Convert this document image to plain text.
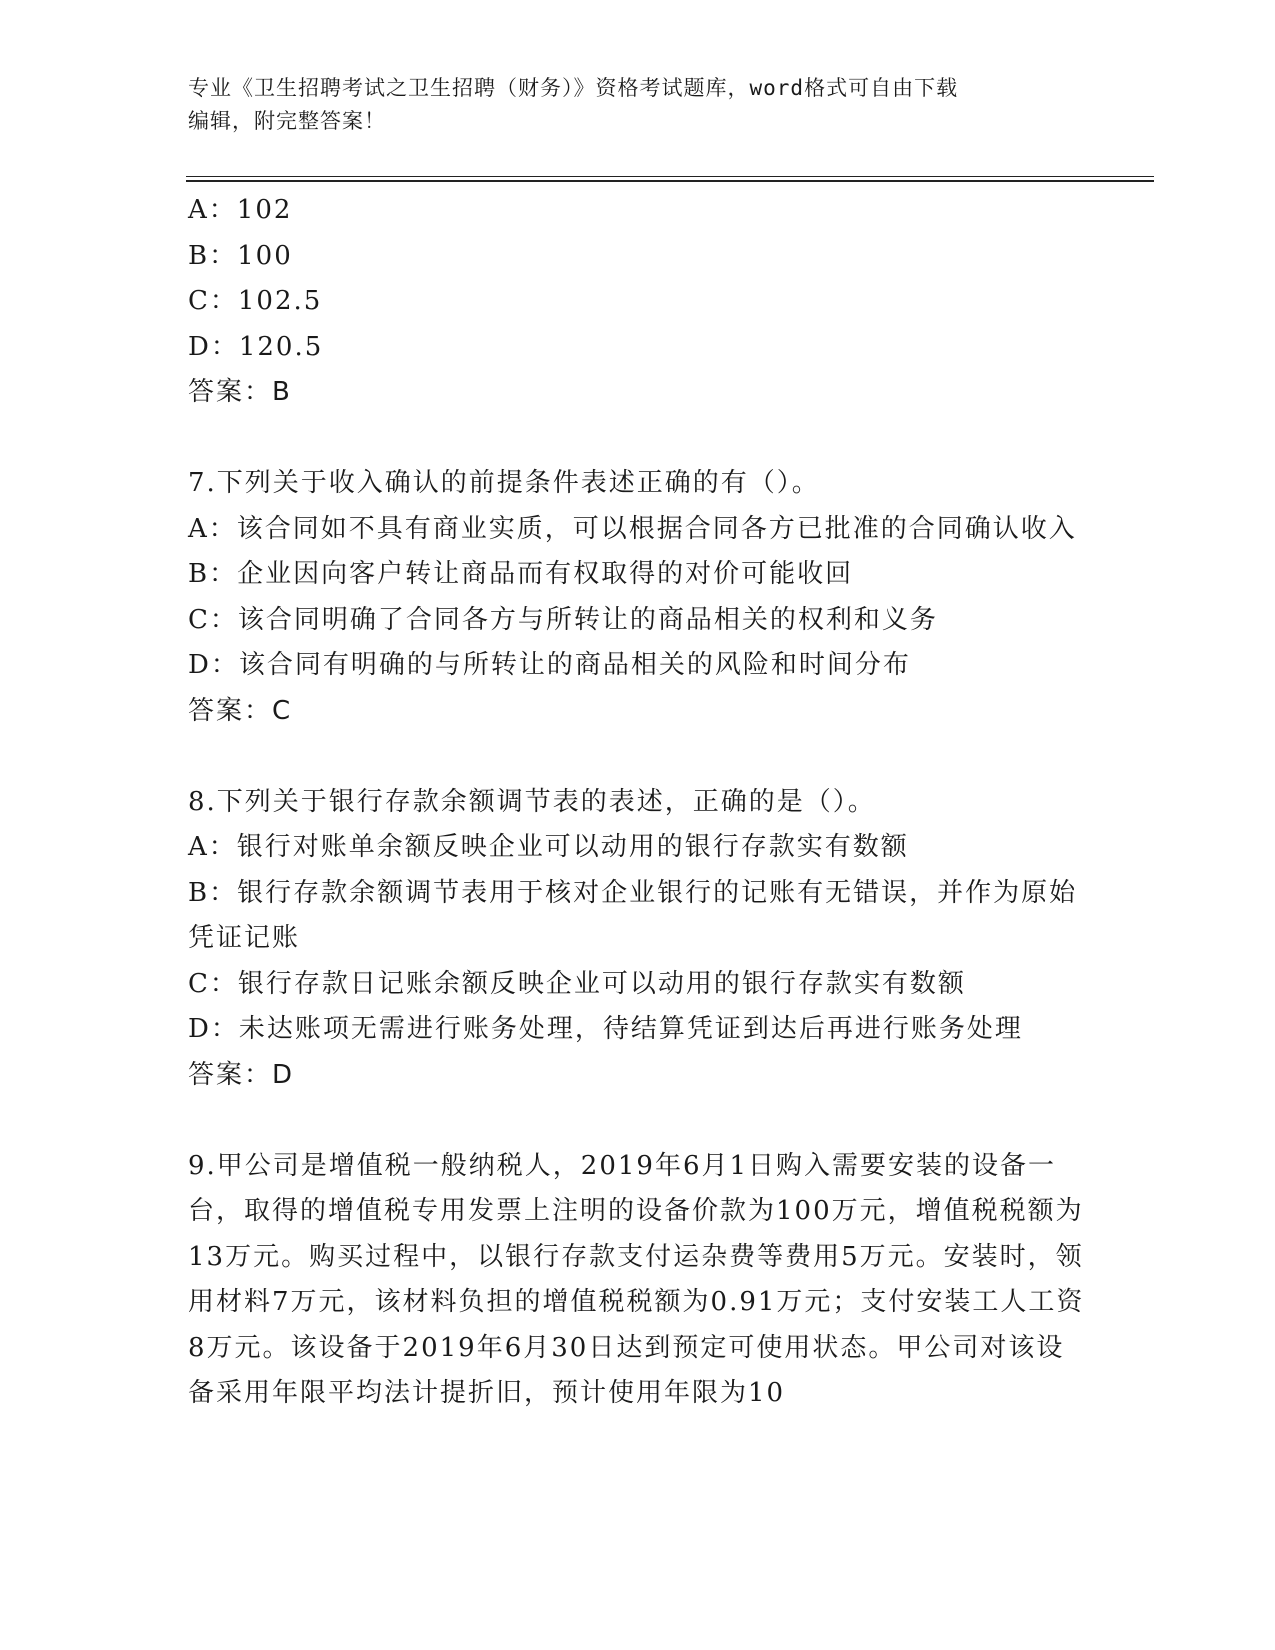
专业《卫生招聘考试之卫生招聘（财务）》资格考试题库，word格式可自由下载
编辑，附完整答案！

A：102

B：100

C：102.5

D：120.5

答案：B

7.下列关于收入确认的前提条件表述正确的有（）。

A：该合同如不具有商业实质，可以根据合同各方已批准的合同确认收入

B：企业因向客户转让商品而有权取得的对价可能收回

C：该合同明确了合同各方与所转让的商品相关的权利和义务

D：该合同有明确的与所转让的商品相关的风险和时间分布

答案：C

8.下列关于银行存款余额调节表的表述，正确的是（）。

A：银行对账单余额反映企业可以动用的银行存款实有数额

B：银行存款余额调节表用于核对企业银行的记账有无错误，并作为原始凭证记账

C：银行存款日记账余额反映企业可以动用的银行存款实有数额

D：未达账项无需进行账务处理，待结算凭证到达后再进行账务处理

答案：D

9.甲公司是增值税一般纳税人，2019年6月1日购入需要安装的设备一台，取得的增值税专用发票上注明的设备价款为100万元，增值税税额为13万元。购买过程中，以银行存款支付运杂费等费用5万元。安装时，领用材料7万元，该材料负担的增值税税额为0.91万元；支付安装工人工资8万元。该设备于2019年6月30日达到预定可使用状态。甲公司对该设备采用年限平均法计提折旧，预计使用年限为10
